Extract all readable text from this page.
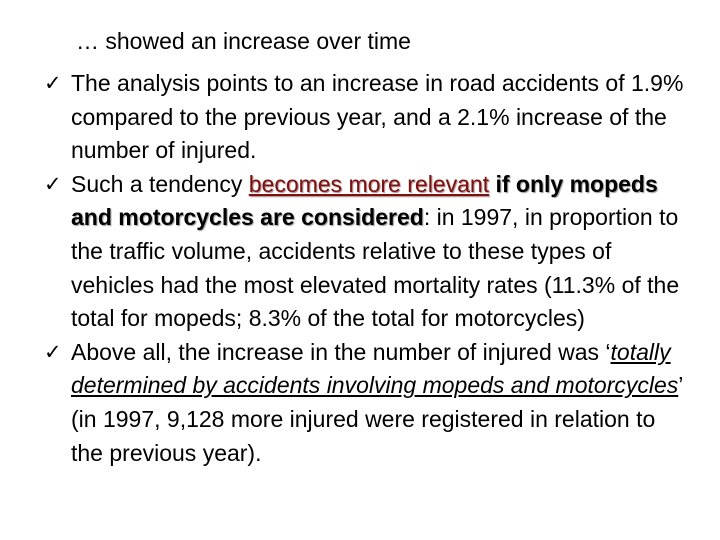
… showed an increase over time
✓ The analysis points to an increase in road accidents of 1.9% compared to the previous year, and a 2.1% increase of the number of injured.
✓ Such a tendency becomes more relevant if only mopeds and motorcycles are considered: in 1997, in proportion to the traffic volume, accidents relative to these types of vehicles had the most elevated mortality rates (11.3% of the total for mopeds; 8.3% of the total for motorcycles)
✓ Above all, the increase in the number of injured was ‘totally determined by accidents involving mopeds and motorcycles’ (in 1997, 9,128 more injured were registered in relation to the previous year).
